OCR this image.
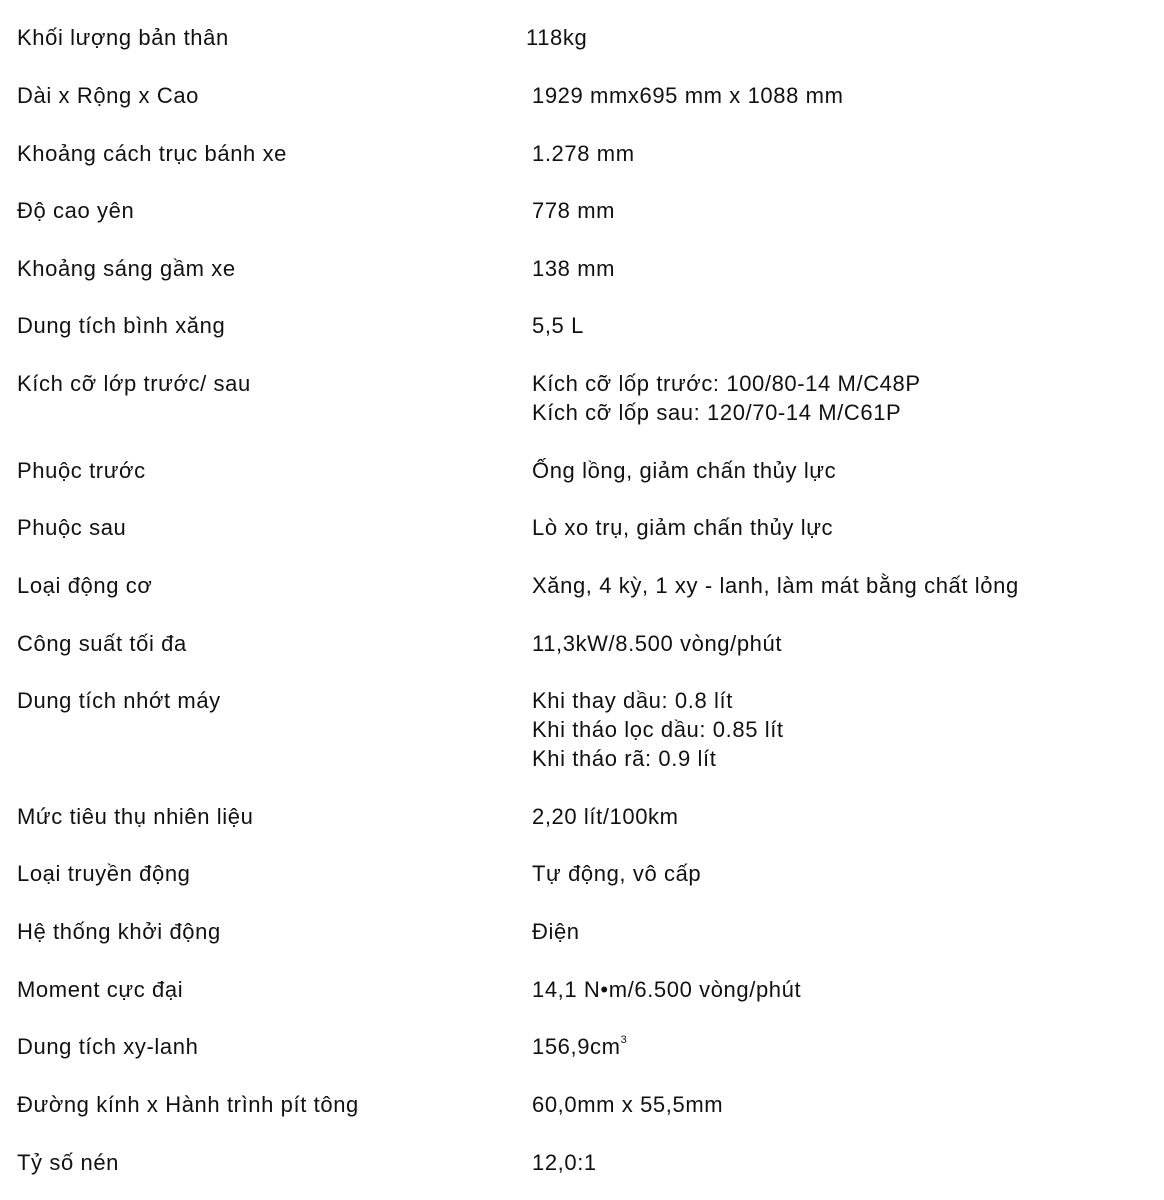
Khối lượng bản thân	118kg
Dài x Rộng x Cao	1929 mmx695 mm x 1088 mm
Khoảng cách trục bánh xe	1.278 mm
Độ cao yên	778 mm
Khoảng sáng gầm xe	138 mm
Dung tích bình xăng	5,5 L
Kích cỡ lớp trước/ sau	Kích cỡ lốp trước: 100/80-14 M/C48P
Kích cỡ lốp sau: 120/70-14 M/C61P
Phuộc trước	Ống lồng, giảm chấn thủy lực
Phuộc sau	Lò xo trụ, giảm chấn thủy lực
Loại động cơ	Xăng, 4 kỳ, 1 xy - lanh, làm mát bằng chất lỏng
Công suất tối đa	11,3kW/8.500 vòng/phút
Dung tích nhớt máy	Khi thay dầu: 0.8 lít
Khi tháo lọc dầu: 0.85 lít
Khi tháo rã: 0.9 lít
Mức tiêu thụ nhiên liệu	2,20 lít/100km
Loại truyền động	Tự động, vô cấp
Hệ thống khởi động	Điện
Moment cực đại	14,1 N•m/6.500 vòng/phút
Dung tích xy-lanh	$156,9cm^3$
Đường kính x Hành trình pít tông	60,0mm x 55,5mm
Tỷ số nén	12,0:1
